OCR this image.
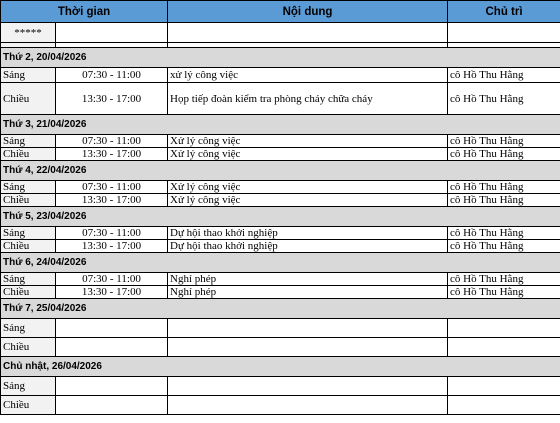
Thời gian		Nội dung	Chủ trì
*****			

Thứ 2, 20/04/2026			
Sáng	07:30 - 11:00	xử lý công việc	cô Hồ Thu Hằng
Chiều	13:30 - 17:00	Họp tiếp đoàn kiểm tra phòng cháy chữa cháy	cô Hồ Thu Hằng
Thứ 3, 21/04/2026			
Sáng	07:30 - 11:00	Xử lý công việc	cô Hồ Thu Hằng
Chiều	13:30 - 17:00	Xử lý công việc	cô Hồ Thu Hằng
Thứ 4, 22/04/2026			
Sáng	07:30 - 11:00	Xử lý công việc	cô Hồ Thu Hằng
Chiều	13:30 - 17:00	Xử lý công việc	cô Hồ Thu Hằng
Thứ 5, 23/04/2026			
Sáng	07:30 - 11:00	Dự hội thao khởi nghiệp	cô Hồ Thu Hằng
Chiều	13:30 - 17:00	Dự hội thao khởi nghiệp	cô Hồ Thu Hằng
Thứ 6, 24/04/2026			
Sáng	07:30 - 11:00	Nghỉ phép	cô Hồ Thu Hằng
Chiều	13:30 - 17:00	Nghỉ phép	cô Hồ Thu Hằng
Thứ 7, 25/04/2026			
Sáng			
Chiều			
Chủ nhật, 26/04/2026			
Sáng			
Chiều			
